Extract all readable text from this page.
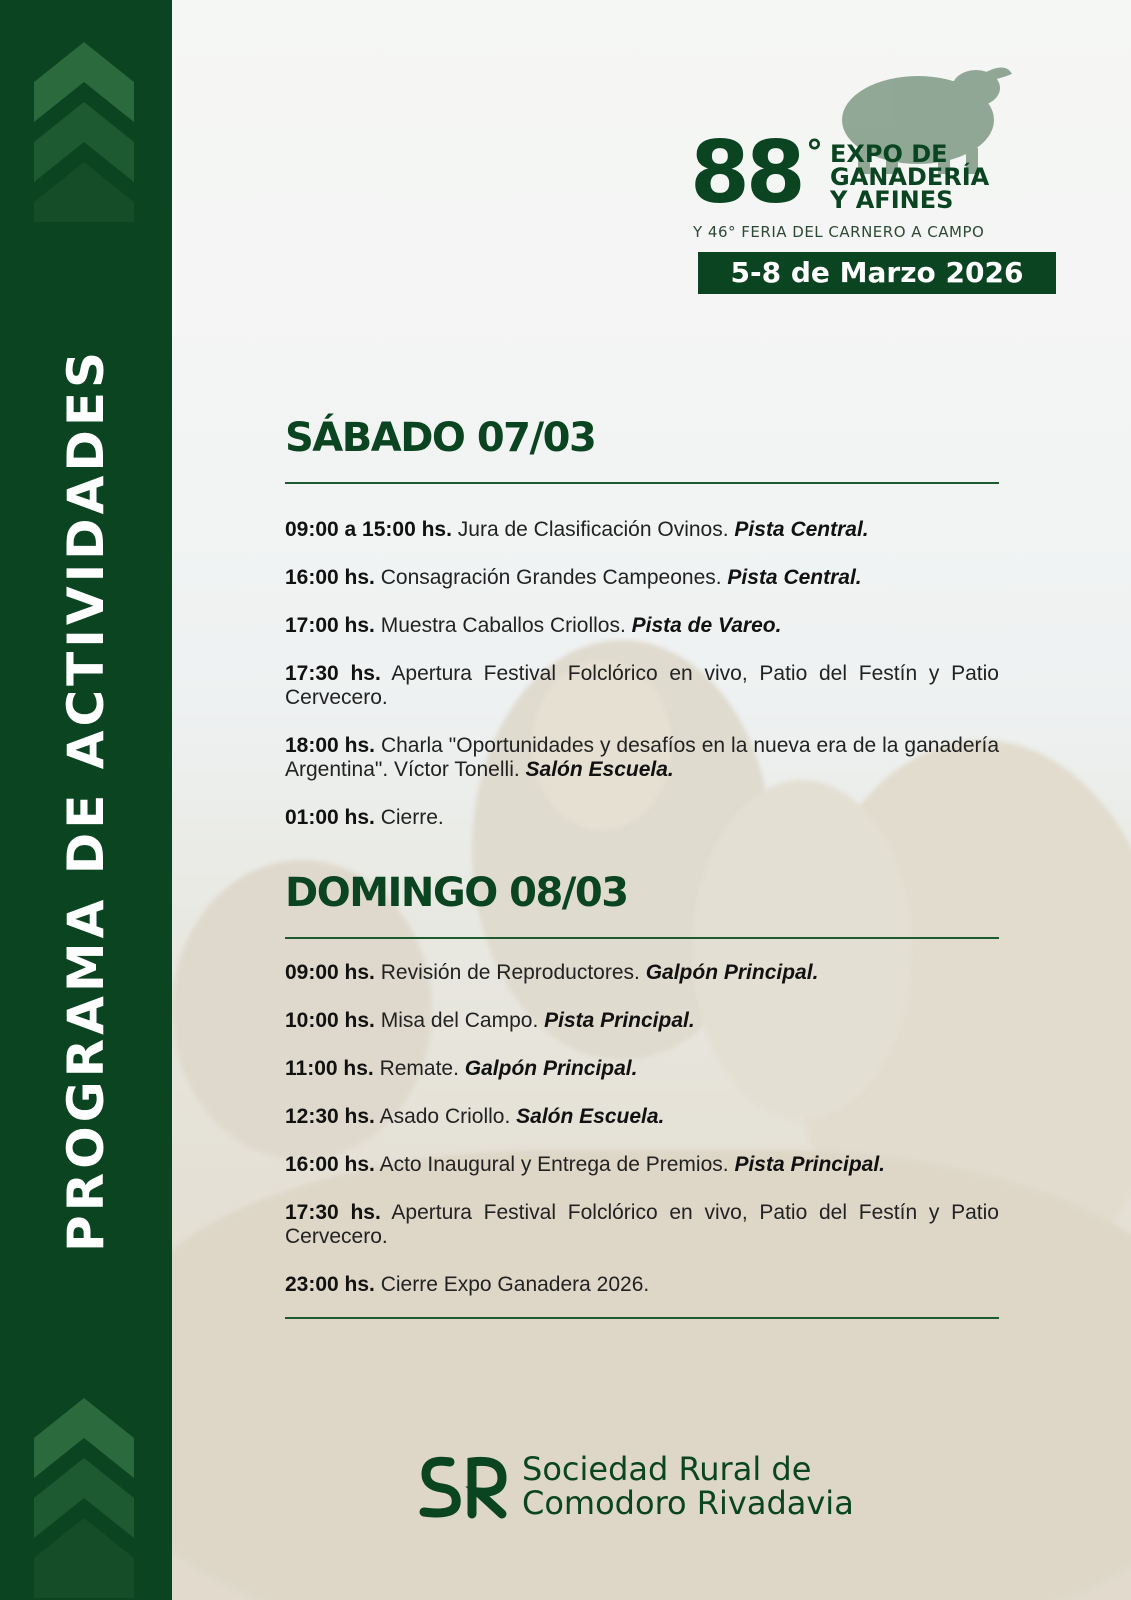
PROGRAMA DE ACTIVIDADES
88 ° EXPO DE
GANADERÍA
Y AFINES
Y 46° FERIA DEL CARNERO A CAMPO
5-8 de Marzo 2026
SÁBADO 07/03

09:00 a 15:00 hs. Jura de Clasificación Ovinos. Pista Central.

16:00 hs. Consagración Grandes Campeones. Pista Central.

17:00 hs. Muestra Caballos Criollos. Pista de Vareo.

17:30 hs. Apertura Festival Folclórico en vivo, Patio del Festín y Patio Cervecero.

18:00 hs. Charla "Oportunidades y desafíos en la nueva era de la ganadería Argentina". Víctor Tonelli. Salón Escuela.

01:00 hs. Cierre.

DOMINGO 08/03

09:00 hs. Revisión de Reproductores. Galpón Principal.

10:00 hs. Misa del Campo. Pista Principal.

11:00 hs. Remate. Galpón Principal.

12:30 hs. Asado Criollo. Salón Escuela.

16:00 hs. Acto Inaugural y Entrega de Premios. Pista Principal.

17:30 hs. Apertura Festival Folclórico en vivo, Patio del Festín y Patio Cervecero.

23:00 hs. Cierre Expo Ganadera 2026.

Sociedad Rural de
Comodoro Rivadavia
